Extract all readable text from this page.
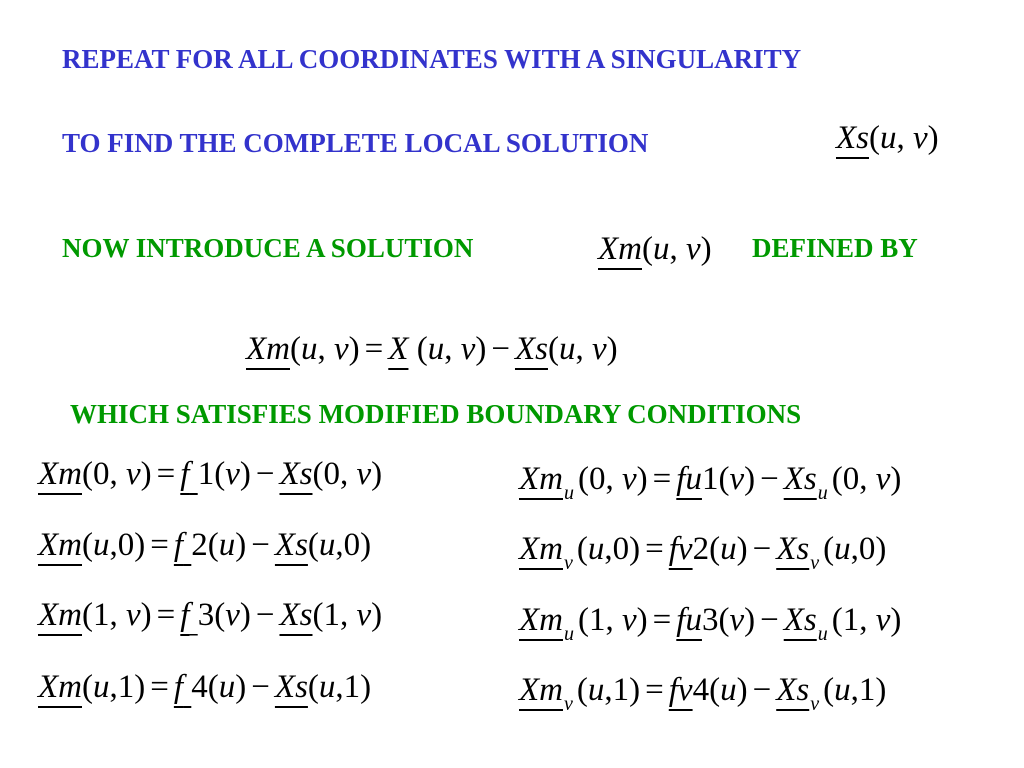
REPEAT FOR ALL COORDINATES WITH A SINGULARITY
TO FIND THE COMPLETE LOCAL SOLUTION
NOW INTRODUCE A SOLUTION	DEFINED BY
WHICH SATISFIES MODIFIED BOUNDARY CONDITIONS
Xs(u, v)
Xm(u, v)
Xm(u, v) = X (u, v) − Xs(u, v)
Xm(0, v) = f 1(v) − Xs(0, v)
Xm(u,0) = f 2(u) − Xs(u,0)
Xm(1, v) = f 3(v) − Xs(1, v)
Xm(u,1) = f 4(u) − Xs(u,1)
$Xm_u$ (0, $v) = fu1(v) - Xs_u$ (0, v)
$Xm_v$ $(u,0) = fv2(u) - Xs_v$ (u,0)
$Xm_u$ (1, $v) = fu3(v) - Xs_u$ (1, v)
$Xm_v$ $(u,1) = fv4(u) - Xs_v$ (u,1)
